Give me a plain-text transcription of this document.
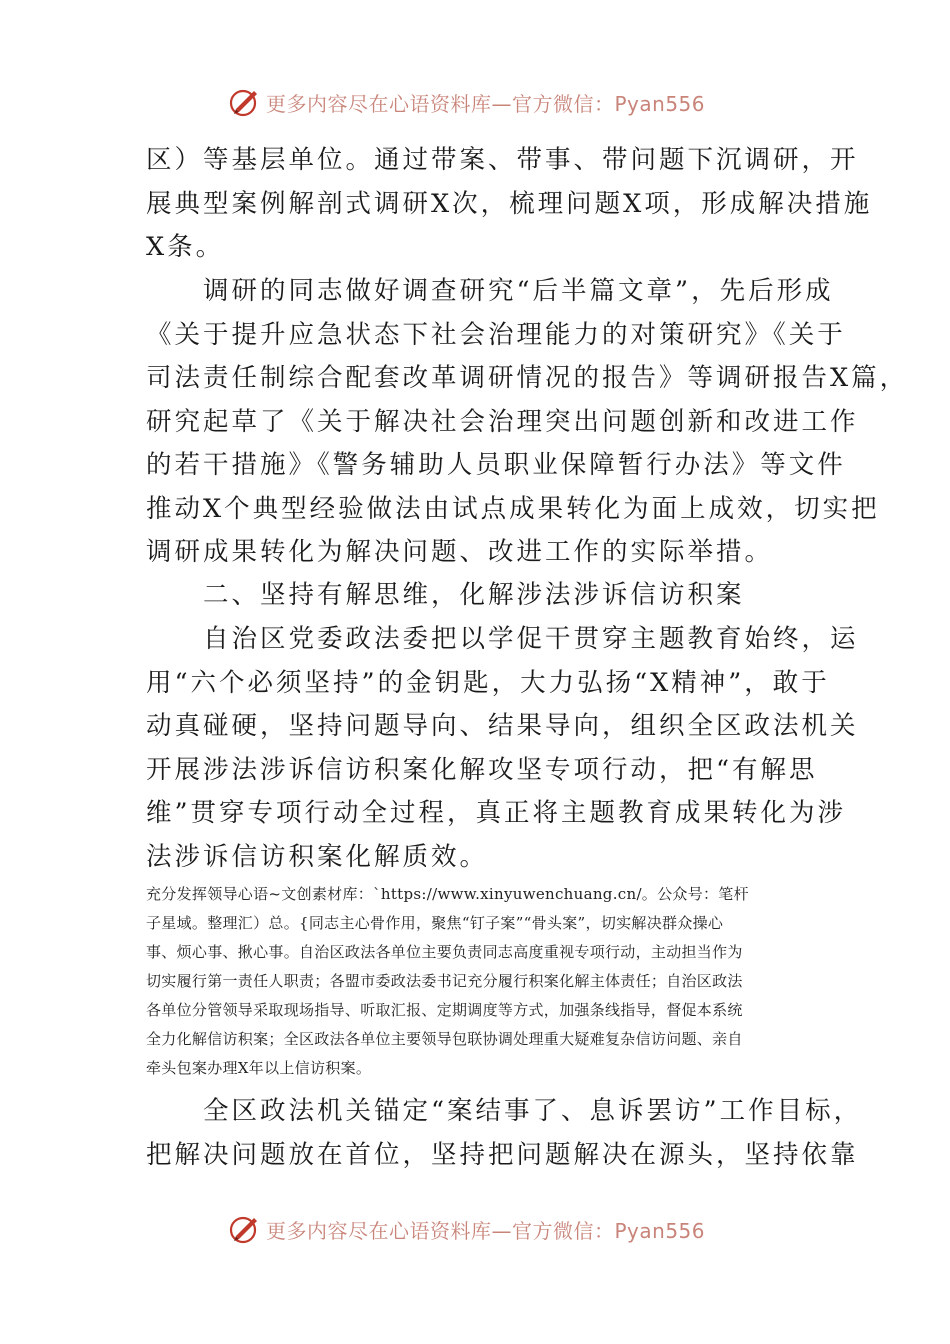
更多内容尽在心语资料库—官方微信：Pyan556
区）等基层单位。通过带案、带事、带问题下沉调研，开
展典型案例解剖式调研X次，梳理问题X项，形成解决措施
X条。
　　调研的同志做好调查研究“后半篇文章”，先后形成
《关于提升应急状态下社会治理能力的对策研究》《关于
司法责任制综合配套改革调研情况的报告》等调研报告X篇，
研究起草了《关于解决社会治理突出问题创新和改进工作
的若干措施》《警务辅助人员职业保障暂行办法》等文件
推动X个典型经验做法由试点成果转化为面上成效，切实把
调研成果转化为解决问题、改进工作的实际举措。
　　二、坚持有解思维，化解涉法涉诉信访积案
　　自治区党委政法委把以学促干贯穿主题教育始终，运
用“六个必须坚持”的金钥匙，大力弘扬“X精神”，敢于
动真碰硬，坚持问题导向、结果导向，组织全区政法机关
开展涉法涉诉信访积案化解攻坚专项行动，把“有解思
维”贯穿专项行动全过程，真正将主题教育成果转化为涉
法涉诉信访积案化解质效。
充分发挥领导心语~文创素材库：`https://www.xinyuwenchuang.cn/。公众号：笔杆
子星域。整理汇）总。{同志主心骨作用，聚焦“钉子案”“骨头案”，切实解决群众操心
事、烦心事、揪心事。自治区政法各单位主要负责同志高度重视专项行动，主动担当作为
切实履行第一责任人职责；各盟市委政法委书记充分履行积案化解主体责任；自治区政法
各单位分管领导采取现场指导、听取汇报、定期调度等方式，加强条线指导，督促本系统
全力化解信访积案；全区政法各单位主要领导包联协调处理重大疑难复杂信访问题、亲自
牵头包案办理X年以上信访积案。
　　全区政法机关锚定“案结事了、息诉罢访”工作目标，
把解决问题放在首位，坚持把问题解决在源头，坚持依靠
更多内容尽在心语资料库—官方微信：Pyan556
